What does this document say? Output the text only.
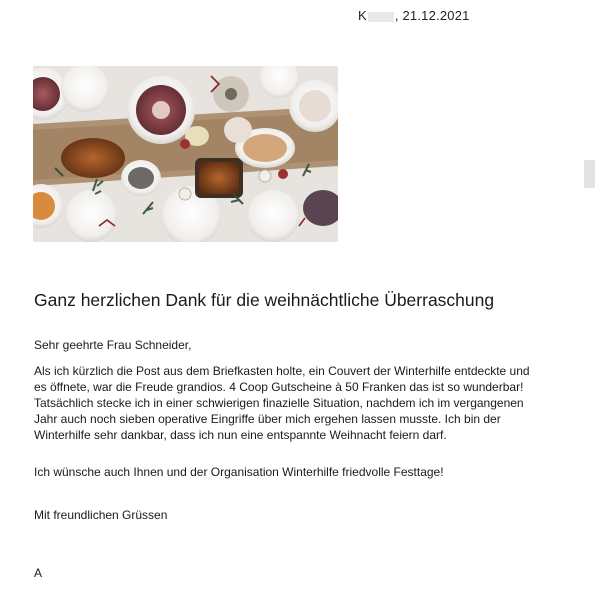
K , 21.12.2021
Ganz herzlichen Dank für die weihnächtliche Überraschung
Sehr geehrte Frau Schneider,
Als ich kürzlich die Post aus dem Briefkasten holte, ein Couvert der Winterhilfe entdeckte und
es öffnete, war die Freude grandios. 4 Coop Gutscheine à 50 Franken das ist so wunderbar!
Tatsächlich stecke ich in einer schwierigen finazielle Situation, nachdem ich im vergangenen
Jahr auch noch sieben operative Eingriffe über mich ergehen lassen musste. Ich bin der
Winterhilfe sehr dankbar, dass ich nun eine entspannte Weihnacht feiern darf.
Ich wünsche auch Ihnen und der Organisation Winterhilfe friedvolle Festtage!
Mit freundlichen Grüssen
A
